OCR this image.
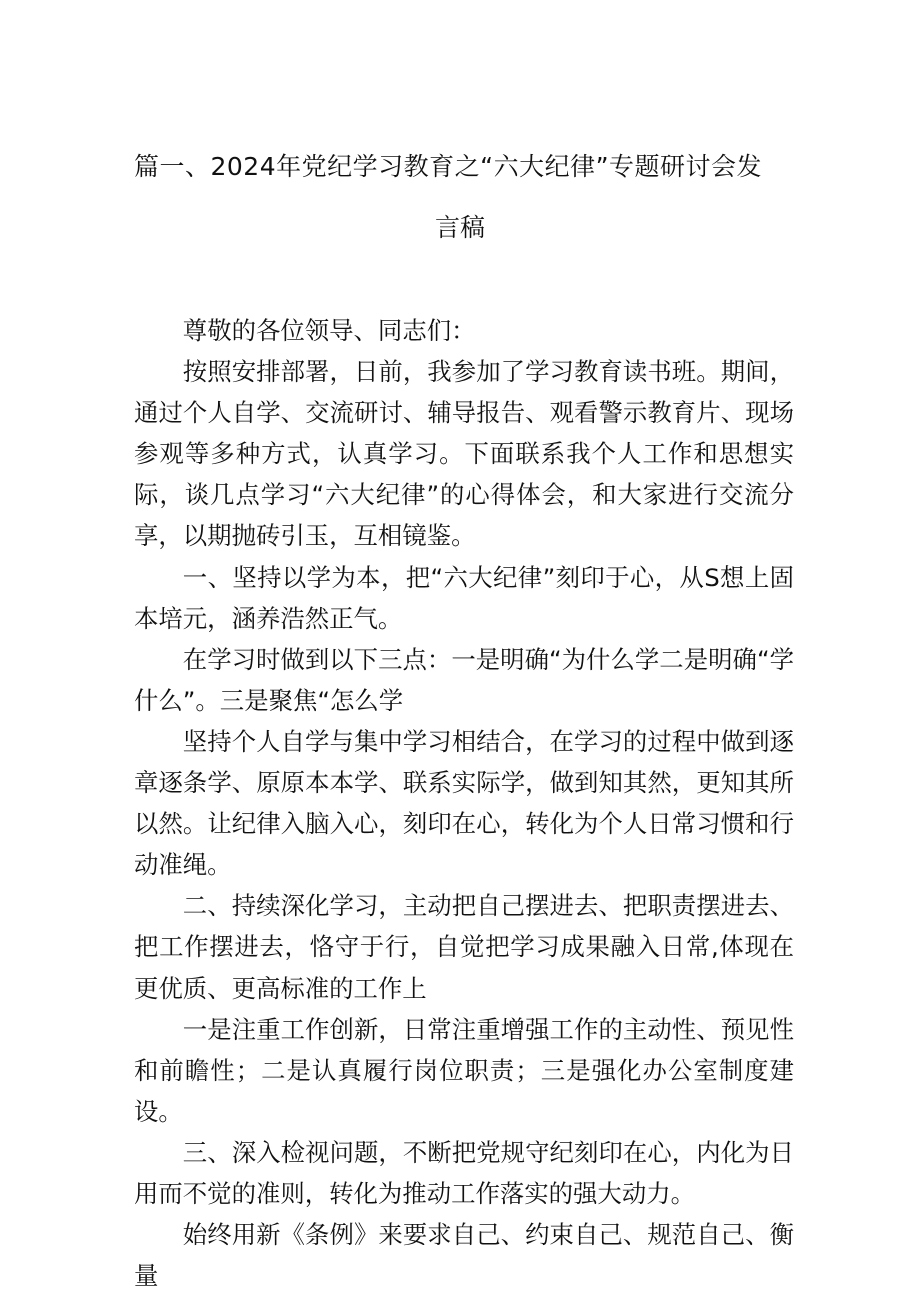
篇一、2024年党纪学习教育之“六大纪律”专题研讨会发
言稿

尊敬的各位领导、同志们：

按照安排部署，日前，我参加了学习教育读书班。期间，通过个人自学、交流研讨、辅导报告、观看警示教育片、现场参观等多种方式，认真学习。下面联系我个人工作和思想实际，谈几点学习“六大纪律”的心得体会，和大家进行交流分享，以期抛砖引玉，互相镜鉴。

一、坚持以学为本，把“六大纪律”刻印于心，从S想上固本培元，涵养浩然正气。

在学习时做到以下三点：一是明确“为什么学二是明确“学什么”。三是聚焦“怎么学

坚持个人自学与集中学习相结合，在学习的过程中做到逐章逐条学、原原本本学、联系实际学，做到知其然，更知其所以然。让纪律入脑入心，刻印在心，转化为个人日常习惯和行动准绳。

二、持续深化学习，主动把自己摆进去、把职责摆进去、把工作摆进去，恪守于行，自觉把学习成果融入日常,体现在更优质、更高标准的工作上

一是注重工作创新，日常注重增强工作的主动性、预见性和前瞻性；二是认真履行岗位职责；三是强化办公室制度建设。

三、深入检视问题，不断把党规守纪刻印在心，内化为日用而不觉的准则，转化为推动工作落实的强大动力。

始终用新《条例》来要求自己、约束自己、规范自己、衡量
